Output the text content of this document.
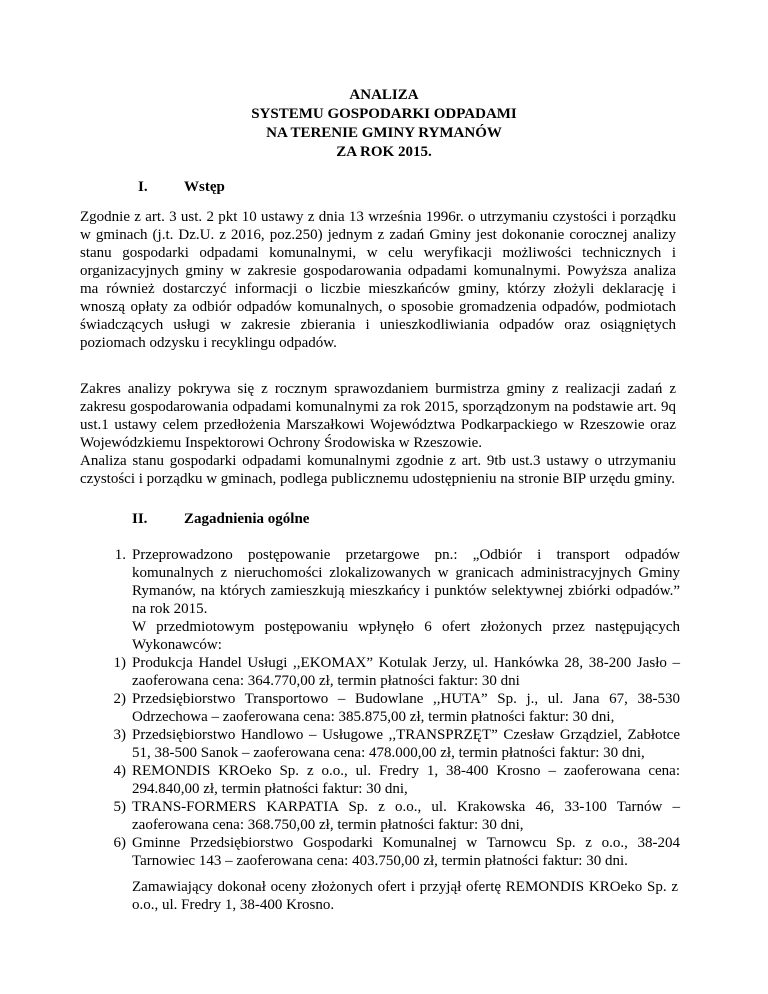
ANALIZA
SYSTEMU GOSPODARKI ODPADAMI
NA TERENIE GMINY RYMANÓW
ZA ROK 2015.
I. Wstęp
Zgodnie z art. 3 ust. 2 pkt 10 ustawy z dnia 13 września 1996r. o utrzymaniu czystości i porządku w gminach (j.t. Dz.U. z 2016, poz.250) jednym z zadań Gminy jest dokonanie corocznej analizy stanu gospodarki odpadami komunalnymi, w celu weryfikacji możliwości technicznych i organizacyjnych gminy w zakresie gospodarowania odpadami komunalnymi. Powyższa analiza ma również dostarczyć informacji o liczbie mieszkańców gminy, którzy złożyli deklarację i wnoszą opłaty za odbiór odpadów komunalnych, o sposobie gromadzenia odpadów, podmiotach świadczących usługi w zakresie zbierania i unieszkodliwiania odpadów oraz osiągniętych poziomach odzysku i recyklingu odpadów.
Zakres analizy pokrywa się z rocznym sprawozdaniem burmistrza gminy z realizacji zadań z zakresu gospodarowania odpadami komunalnymi za rok 2015, sporządzonym na podstawie art. 9q ust.1 ustawy celem przedłożenia Marszałkowi Województwa Podkarpackiego w Rzeszowie oraz Wojewódzkiemu Inspektorowi Ochrony Środowiska w Rzeszowie.
Analiza stanu gospodarki odpadami komunalnymi zgodnie z art. 9tb ust.3 ustawy o utrzymaniu czystości i porządku w gminach, podlega publicznemu udostępnieniu na stronie BIP urzędu gminy.
II. Zagadnienia ogólne
1. Przeprowadzono postępowanie przetargowe pn.: „Odbiór i transport odpadów komunalnych z nieruchomości zlokalizowanych w granicach administracyjnych Gminy Rymanów, na których zamieszkują mieszkańcy i punktów selektywnej zbiórki odpadów.” na rok 2015.
W przedmiotowym postępowaniu wpłynęło 6 ofert złożonych przez następujących Wykonawców:
1) Produkcja Handel Usługi ,,EKOMAX” Kotulak Jerzy, ul. Hankówka 28, 38-200 Jasło – zaoferowana cena: 364.770,00 zł, termin płatności faktur: 30 dni
2) Przedsiębiorstwo Transportowo – Budowlane ,,HUTA” Sp. j., ul. Jana 67, 38-530 Odrzechowa – zaoferowana cena: 385.875,00 zł, termin płatności faktur: 30 dni,
3) Przedsiębiorstwo Handlowo – Usługowe ,,TRANSPRZĘT” Czesław Grządziel, Zabłotce 51, 38-500 Sanok – zaoferowana cena: 478.000,00 zł, termin płatności faktur: 30 dni,
4) REMONDIS KROeko Sp. z o.o., ul. Fredry 1, 38-400 Krosno – zaoferowana cena: 294.840,00 zł, termin płatności faktur: 30 dni,
5) TRANS-FORMERS KARPATIA Sp. z o.o., ul. Krakowska 46, 33-100 Tarnów – zaoferowana cena: 368.750,00 zł, termin płatności faktur: 30 dni,
6) Gminne Przedsiębiorstwo Gospodarki Komunalnej w Tarnowcu Sp. z o.o., 38-204 Tarnowiec 143 – zaoferowana cena: 403.750,00 zł, termin płatności faktur: 30 dni.
Zamawiający dokonał oceny złożonych ofert i przyjął ofertę REMONDIS KROeko Sp. z o.o., ul. Fredry 1, 38-400 Krosno.
